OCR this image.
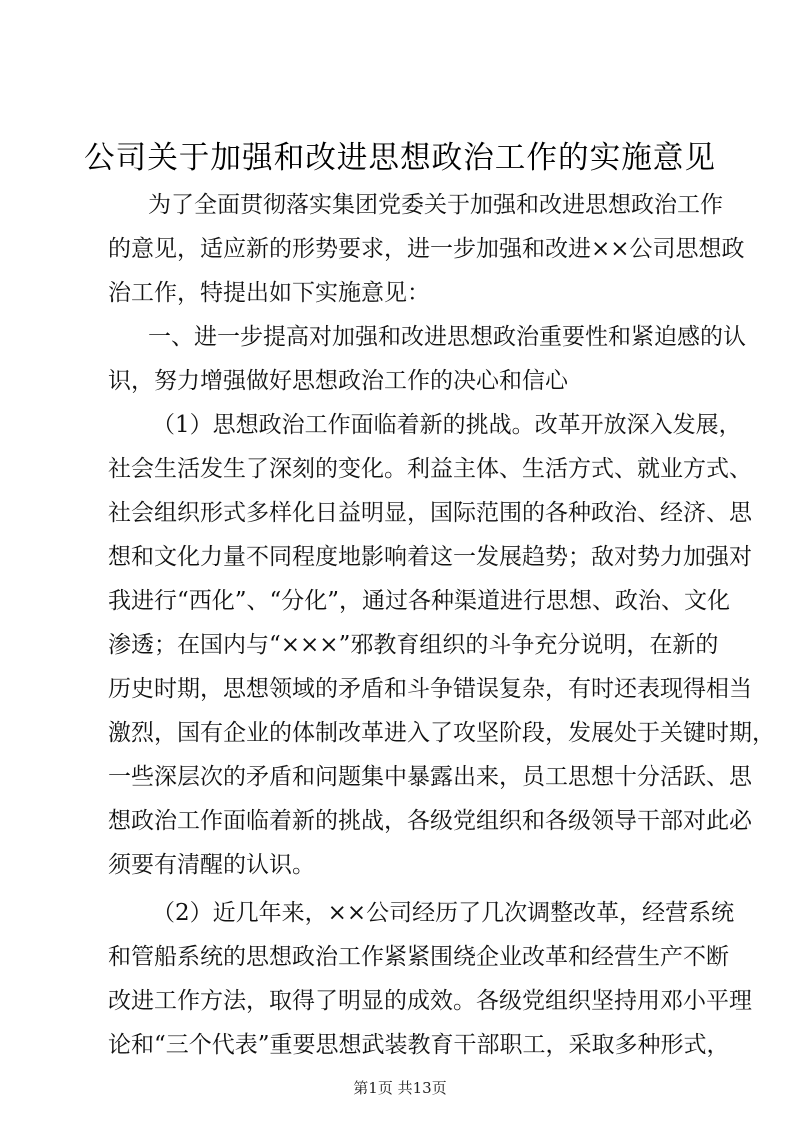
公司关于加强和改进思想政治工作的实施意见
为了全面贯彻落实集团党委关于加强和改进思想政治工作
的意见，适应新的形势要求，进一步加强和改进××公司思想政
治工作，特提出如下实施意见：
一、进一步提高对加强和改进思想政治重要性和紧迫感的认
识，努力增强做好思想政治工作的决心和信心
（1）思想政治工作面临着新的挑战。改革开放深入发展，
社会生活发生了深刻的变化。利益主体、生活方式、就业方式、
社会组织形式多样化日益明显，国际范围的各种政治、经济、思
想和文化力量不同程度地影响着这一发展趋势；敌对势力加强对
我进行“西化”、“分化”，通过各种渠道进行思想、政治、文化
渗透；在国内与“×××”邪教育组织的斗争充分说明，在新的
历史时期，思想领域的矛盾和斗争错误复杂，有时还表现得相当
激烈，国有企业的体制改革进入了攻坚阶段，发展处于关键时期，
一些深层次的矛盾和问题集中暴露出来，员工思想十分活跃、思
想政治工作面临着新的挑战，各级党组织和各级领导干部对此必
须要有清醒的认识。
（2）近几年来，××公司经历了几次调整改革，经营系统
和管船系统的思想政治工作紧紧围绕企业改革和经营生产不断
改进工作方法，取得了明显的成效。各级党组织坚持用邓小平理
第1页 共13页
论和“三个代表”重要思想武装教育干部职工，采取多种形式，
